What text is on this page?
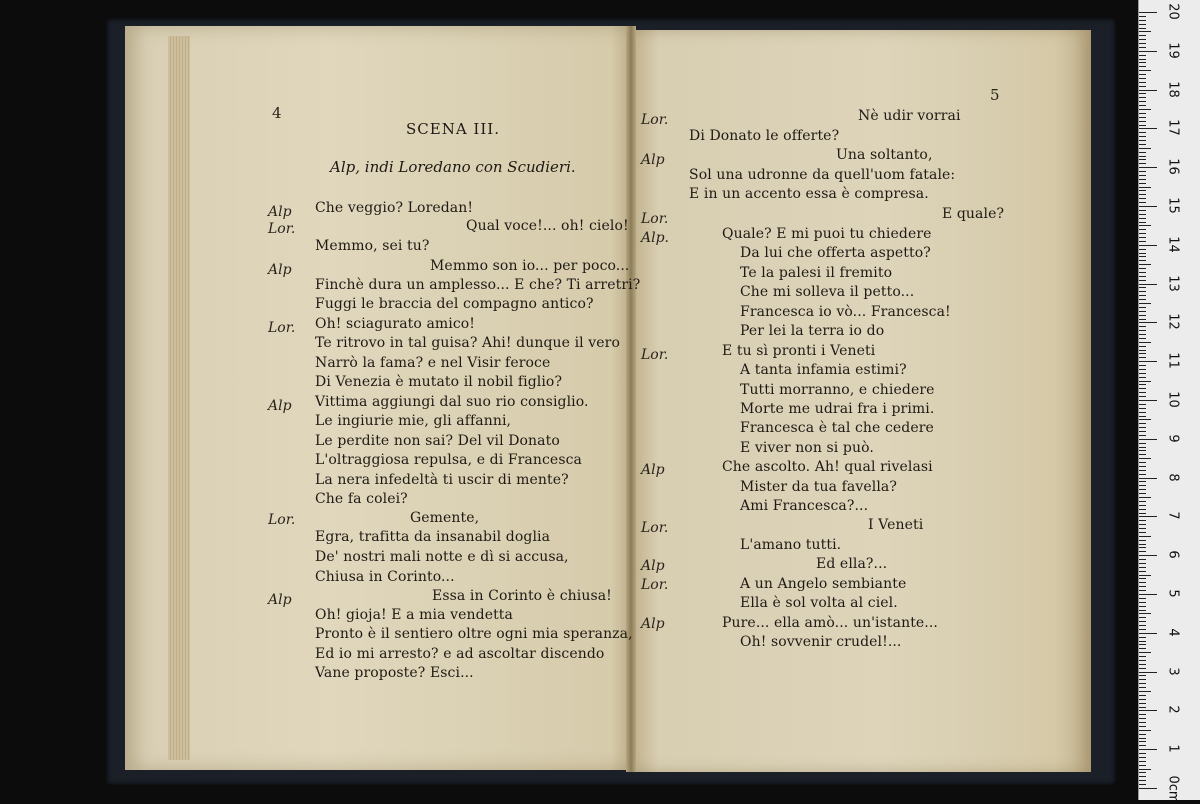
4
SCENA III.
Alp, indi Loredano con Scudieri.
Alp
Lor.
Alp
Lor.
Alp
Lor.
Alp
Che veggio? Loredan!
Qual voce!... oh! cielo!
Memmo, sei tu?
Memmo son io... per poco...
Finchè dura un amplesso... E che? Ti arretri?
Fuggi le braccia del compagno antico?
Oh! sciagurato amico!
Te ritrovo in tal guisa? Ahi! dunque il vero
Narrò la fama? e nel Visir feroce
Di Venezia è mutato il nobil figlio?
Vittima aggiungi dal suo rio consiglio.
Le ingiurie mie, gli affanni,
Le perdite non sai? Del vil Donato
L'oltraggiosa repulsa, e di Francesca
La nera infedeltà ti uscir di mente?
Che fa colei?
Gemente,
Egra, trafitta da insanabil doglia
De' nostri mali notte e dì si accusa,
Chiusa in Corinto...
Essa in Corinto è chiusa!
Oh! gioja! E a mia vendetta
Pronto è il sentiero oltre ogni mia speranza,
Ed io mi arresto? e ad ascoltar discendo
Vane proposte? Esci...
5
Lor.
Alp
Lor.
Alp.
Lor.
Alp
Lor.
Alp
Lor.
Alp
Nè udir vorrai
Di Donato le offerte?
Una soltanto,
Sol una udronne da quell'uom fatale:
E in un accento essa è compresa.
E quale?
Quale? E mi puoi tu chiedere
Da lui che offerta aspetto?
Te la palesi il fremito
Che mi solleva il petto...
Francesca io vò... Francesca!
Per lei la terra io do
E tu sì pronti i Veneti
A tanta infamia estimi?
Tutti morranno, e chiedere
Morte me udrai fra i primi.
Francesca è tal che cedere
E viver non si può.
Che ascolto. Ah! qual rivelasi
Mister da tua favella?
Ami Francesca?...
I Veneti
L'amano tutti.
Ed ella?...
A un Angelo sembiante
Ella è sol volta al ciel.
Pure... ella amò... un'istante...
Oh! sovvenir crudel!...
20
19
18
17
16
15
14
13
12
11
10
9
8
7
6
5
4
3
2
1
0cm
